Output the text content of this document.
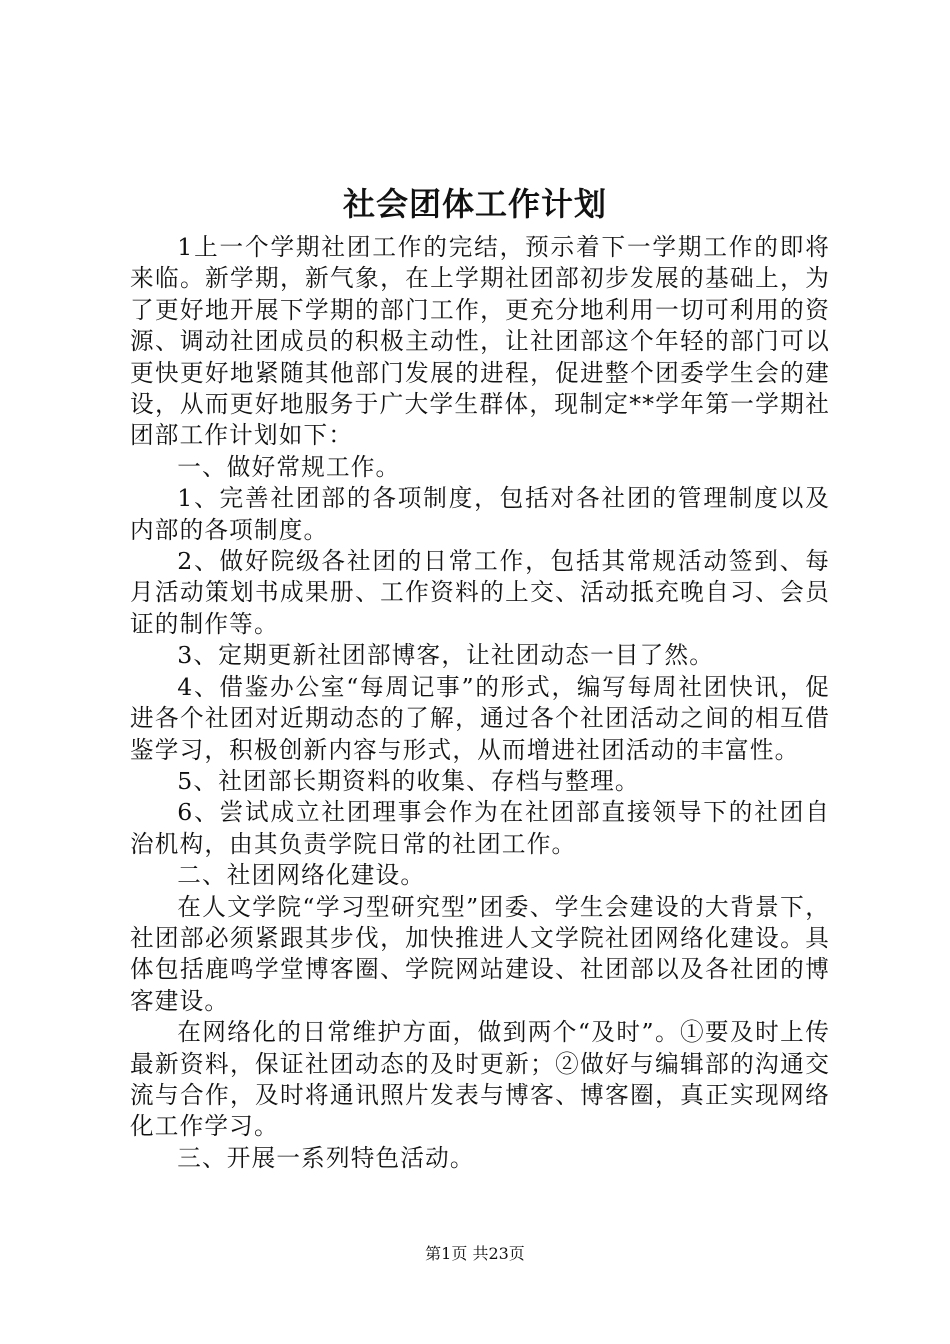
社会团体工作计划

1上一个学期社团工作的完结，预示着下一学期工作的即将来临。新学期，新气象，在上学期社团部初步发展的基础上，为了更好地开展下学期的部门工作，更充分地利用一切可利用的资源、调动社团成员的积极主动性，让社团部这个年轻的部门可以更快更好地紧随其他部门发展的进程，促进整个团委学生会的建设，从而更好地服务于广大学生群体，现制定**学年第一学期社团部工作计划如下：

一、做好常规工作。

1、完善社团部的各项制度，包括对各社团的管理制度以及内部的各项制度。

2、做好院级各社团的日常工作，包括其常规活动签到、每月活动策划书成果册、工作资料的上交、活动抵充晚自习、会员证的制作等。

3、定期更新社团部博客，让社团动态一目了然。

4、借鉴办公室“每周记事”的形式，编写每周社团快讯，促进各个社团对近期动态的了解，通过各个社团活动之间的相互借鉴学习，积极创新内容与形式，从而增进社团活动的丰富性。

5、社团部长期资料的收集、存档与整理。

6、尝试成立社团理事会作为在社团部直接领导下的社团自治机构，由其负责学院日常的社团工作。

二、社团网络化建设。

在人文学院“学习型研究型”团委、学生会建设的大背景下，社团部必须紧跟其步伐，加快推进人文学院社团网络化建设。具体包括鹿鸣学堂博客圈、学院网站建设、社团部以及各社团的博客建设。

在网络化的日常维护方面，做到两个“及时”。①要及时上传最新资料，保证社团动态的及时更新；②做好与编辑部的沟通交流与合作，及时将通讯照片发表与博客、博客圈，真正实现网络化工作学习。

三、开展一系列特色活动。

第1页 共23页
